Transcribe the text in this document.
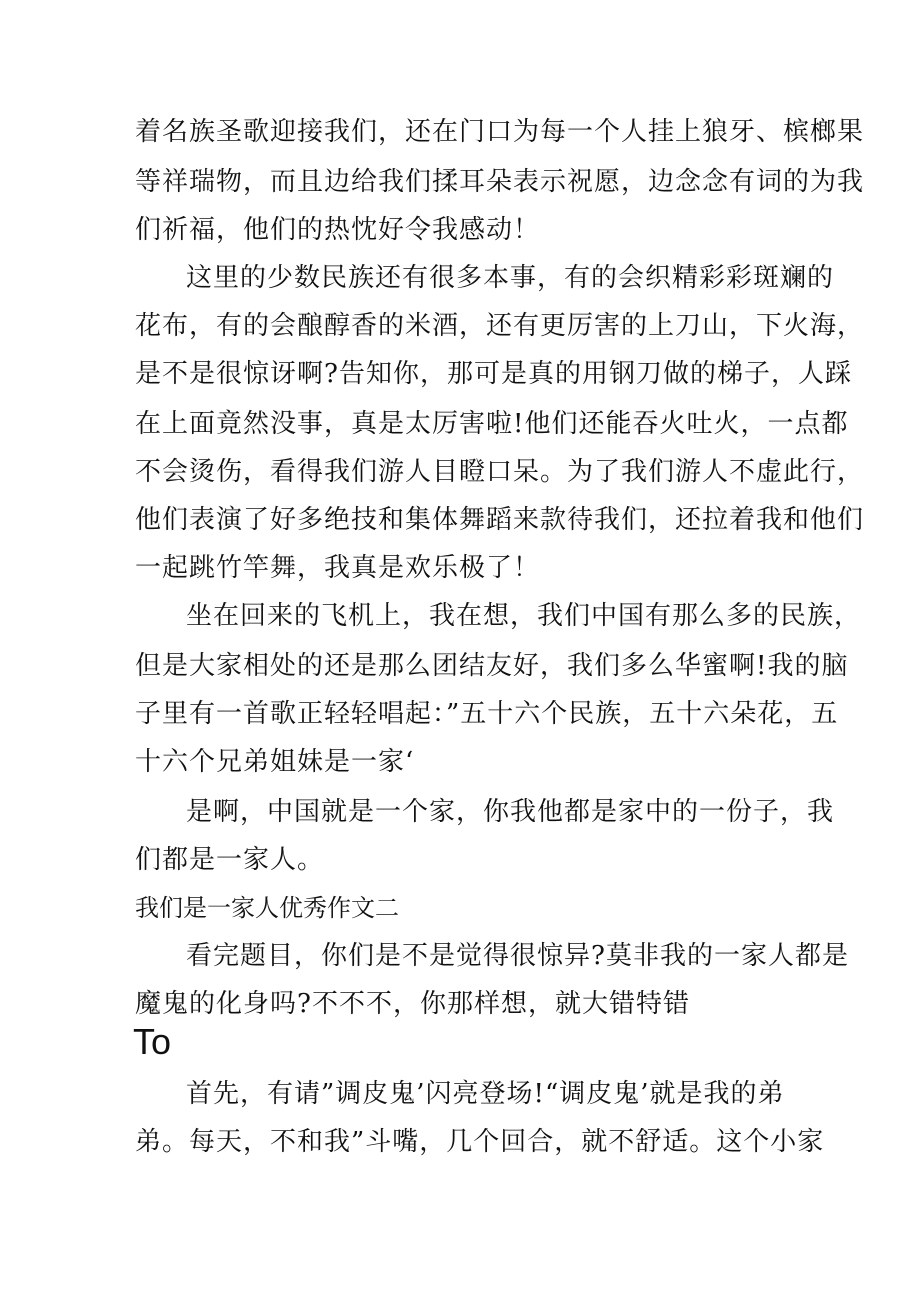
着名族圣歌迎接我们，还在门口为每一个人挂上狼牙、槟榔果
等祥瑞物，而且边给我们揉耳朵表示祝愿，边念念有词的为我
们祈福，他们的热忱好令我感动！
这里的少数民族还有很多本事，有的会织精彩彩斑斓的
花布，有的会酿醇香的米酒，还有更厉害的上刀山，下火海，
是不是很惊讶啊?告知你，那可是真的用钢刀做的梯子，人踩
在上面竟然没事，真是太厉害啦!他们还能吞火吐火，一点都
不会烫伤，看得我们游人目瞪口呆。为了我们游人不虚此行，
他们表演了好多绝技和集体舞蹈来款待我们，还拉着我和他们
一起跳竹竿舞，我真是欢乐极了！
坐在回来的飞机上，我在想，我们中国有那么多的民族，
但是大家相处的还是那么团结友好，我们多么华蜜啊!我的脑
子里有一首歌正轻轻唱起：”五十六个民族，五十六朵花，五
十六个兄弟姐妹是一家‘
是啊，中国就是一个家，你我他都是家中的一份子，我
们都是一家人。
我们是一家人优秀作文二
看完题目，你们是不是觉得很惊异?莫非我的一家人都是
魔鬼的化身吗?不不不，你那样想，就大错特错
To
首先，有请”调皮鬼’闪亮登场!“调皮鬼’就是我的弟
弟。每天，不和我”斗嘴，几个回合，就不舒适。这个小家
